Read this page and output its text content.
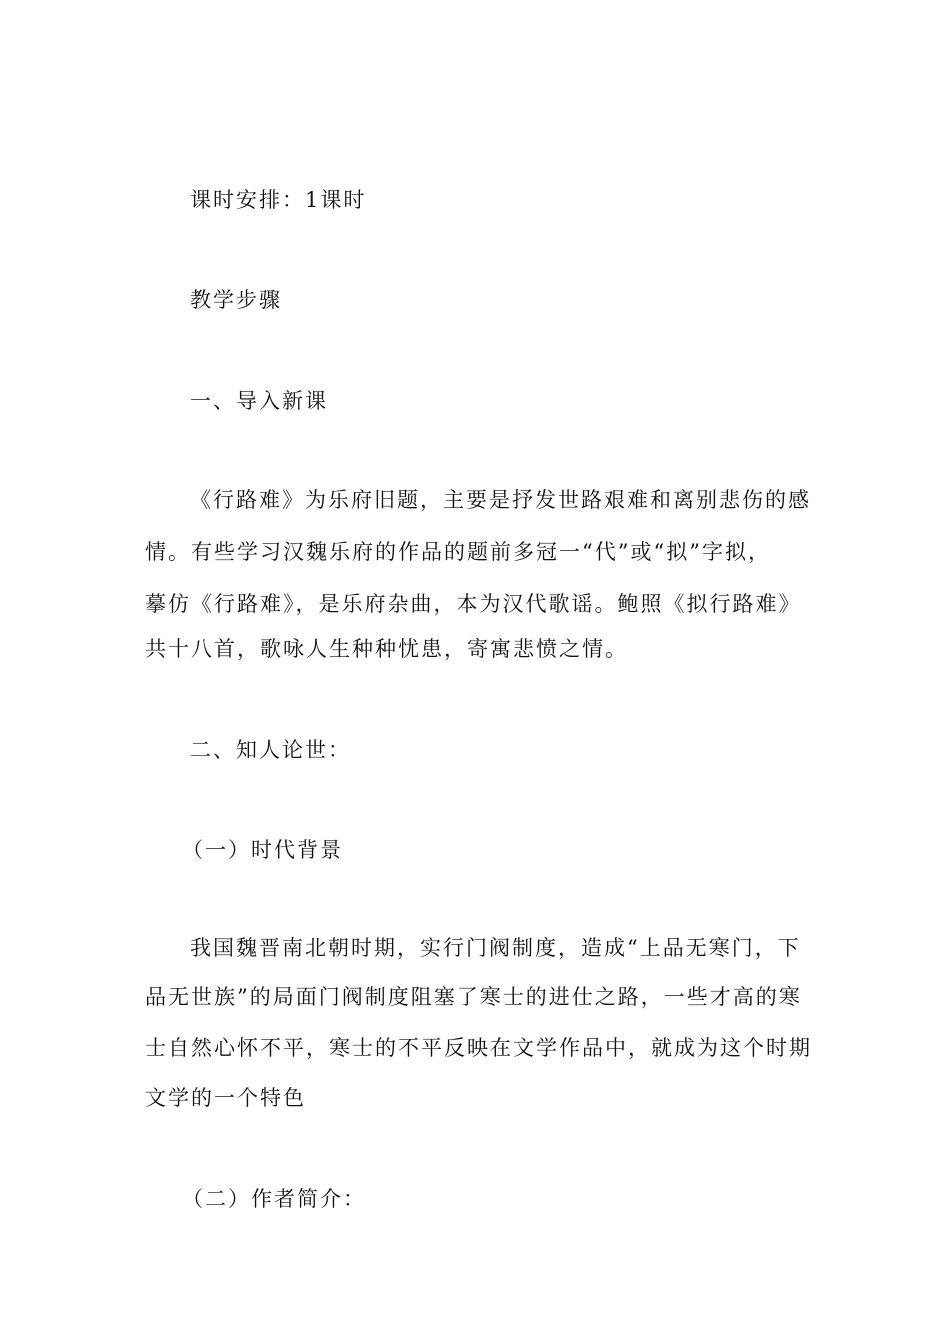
课时安排：1课时
教学步骤
一、导入新课
《行路难》为乐府旧题，主要是抒发世路艰难和离别悲伤的感
情。有些学习汉魏乐府的作品的题前多冠一“代”或“拟”字拟，
摹仿《行路难》，是乐府杂曲，本为汉代歌谣。鲍照《拟行路难》
共十八首，歌咏人生种种忧患，寄寓悲愤之情。
二、知人论世：
（一）时代背景
我国魏晋南北朝时期，实行门阀制度，造成“上品无寒门，下
品无世族”的局面门阀制度阻塞了寒士的进仕之路，一些才高的寒
士自然心怀不平，寒士的不平反映在文学作品中，就成为这个时期
文学的一个特色
（二）作者简介：
